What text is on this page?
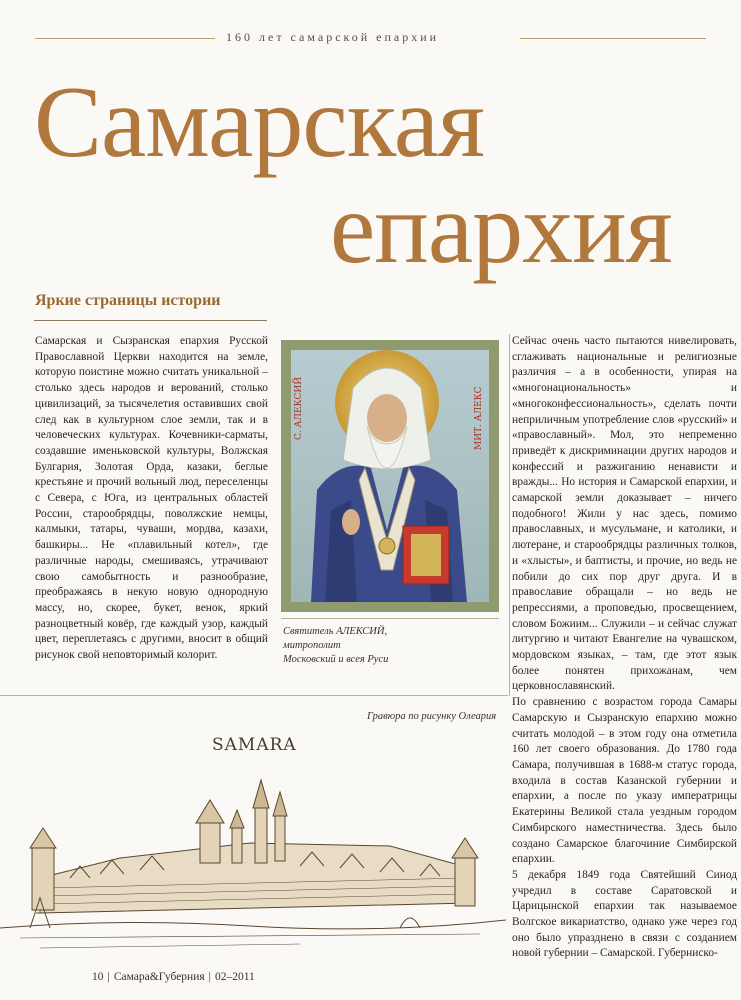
160 лет самарской епархии
Самарская
епархия
Яркие страницы истории

Самарская и Сызранская епархия Русской Православной Церкви находится на земле, которую поистине можно считать уникальной – столько здесь народов и верований, столько цивилизаций, за тысячелетия оставивших свой след как в культурном слое земли, так и в человеческих культурах. Кочевники-сарматы, создавшие именьковской культуры, Волжская Булгария, Золотая Орда, казаки, беглые крестьяне и прочий вольный люд, переселенцы с Севера, с Юга, из центральных областей России, старообрядцы, поволжские немцы, калмыки, татары, чуваши, мордва, казахи, башкиры... Не «плавильный котел», где различные народы, смешиваясь, утрачивают свою самобытность и разнообразие, преображаясь в некую новую однородную массу, но, скорее, букет, венок, яркий разноцветный ковёр, где каждый узор, каждый цвет, переплетаясь с другими, вносит в общий рисунок свой неповторимый колорит.

С. АЛЕКСИЙ	МИТ. АЛЕКС
Святитель АЛЕКСИЙ,
митрополит
Московский и всея Руси

Сейчас очень часто пытаются нивелировать, сглаживать национальные и религиозные различия – а в особенности, упирая на «многонациональность» и «многоконфессиональность», сделать почти неприличным употребление слов «русский» и «православный». Мол, это непременно приведёт к дискриминации других народов и конфессий и разжиганию ненависти и вражды... Но история и Самарской епархии, и самарской земли доказывает – ничего подобного! Жили у нас здесь, помимо православных, и мусульмане, и католики, и лютеране, и старообрядцы различных толков, и «хлысты», и баптисты, и прочие, но ведь не побили до сих пор друг друга. И в православие обращали – но ведь не репрессиями, а проповедью, просвещением, словом Божиим... Служили – и сейчас служат литургию и читают Евангелие на чувашском, мордовском языках, – там, где этот язык более понятен прихожанам, чем церковнославянский.

По сравнению с возрастом города Самары Самарскую и Сызранскую епархию можно считать молодой – в этом году она отметила 160 лет своего образования. До 1780 года Самара, получившая в 1688-м статус города, входила в состав Казанской губернии и епархии, а после по указу императрицы Екатерины Великой стала уездным городом Симбирского наместничества. Здесь было создано Самарское благочиние Симбирской епархии.

5 декабря 1849 года Святейший Синод учредил в составе Саратовской и Царицынской епархии так называемое Волгское викариатство, однако уже через год оно было упразднено в связи с созданием новой губернии – Самарской. Губерниско-

Гравюра по рисунку Олеария
SAMARA
10 | Самара&Губерния | 02–2011
